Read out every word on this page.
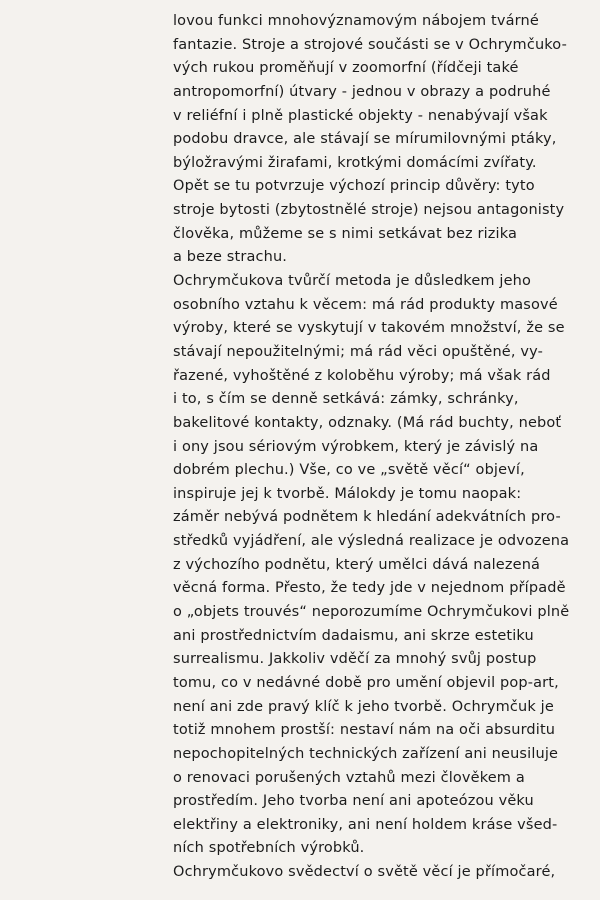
lovou funkci mnohovýznamovým nábojem tvárné
fantazie. Stroje a strojové součásti se v Ochrymčuko-
vých rukou proměňují v zoomorfní (řídčeji také
antropomorfní) útvary - jednou v obrazy a podruhé
v reliéfní i plně plastické objekty - nenabývají však
podobu dravce, ale stávají se mírumilovnými ptáky,
býložravými žirafami, krotkými domácími zvířaty.
Opět se tu potvrzuje výchozí princip důvěry: tyto
stroje bytosti (zbytostnělé stroje) nejsou antagonisty
člověka, můžeme se s nimi setkávat bez rizika
a beze strachu.
Ochrymčukova tvůrčí metoda je důsledkem jeho
osobního vztahu k věcem: má rád produkty masové
výroby, které se vyskytují v takovém množství, že se
stávají nepoužitelnými; má rád věci opuštěné, vy-
řazené, vyhoštěné z koloběhu výroby; má však rád
i to, s čím se denně setkává: zámky, schránky,
bakelitové kontakty, odznaky. (Má rád buchty, neboť
i ony jsou sériovým výrobkem, který je závislý na
dobrém plechu.) Vše, co ve „světě věcí“ objeví,
inspiruje jej k tvorbě. Málokdy je tomu naopak:
záměr nebývá podnětem k hledání adekvátních pro-
středků vyjádření, ale výsledná realizace je odvozena
z výchozího podnětu, který umělci dává nalezená
věcná forma. Přesto, že tedy jde v nejednom případě
o „objets trouvés“ neporozumíme Ochrymčukovi plně
ani prostřednictvím dadaismu, ani skrze estetiku
surrealismu. Jakkoliv vděčí za mnohý svůj postup
tomu, co v nedávné době pro umění objevil pop-art,
není ani zde pravý klíč k jeho tvorbě. Ochrymčuk je
totiž mnohem prostší: nestaví nám na oči absurditu
nepochopitelných technických zařízení ani neusiluje
o renovaci porušených vztahů mezi člověkem a
prostředím. Jeho tvorba není ani apoteózou věku
elektřiny a elektroniky, ani není holdem kráse všed-
ních spotřebních výrobků.
Ochrymčukovo svědectví o světě věcí je přímočaré,
